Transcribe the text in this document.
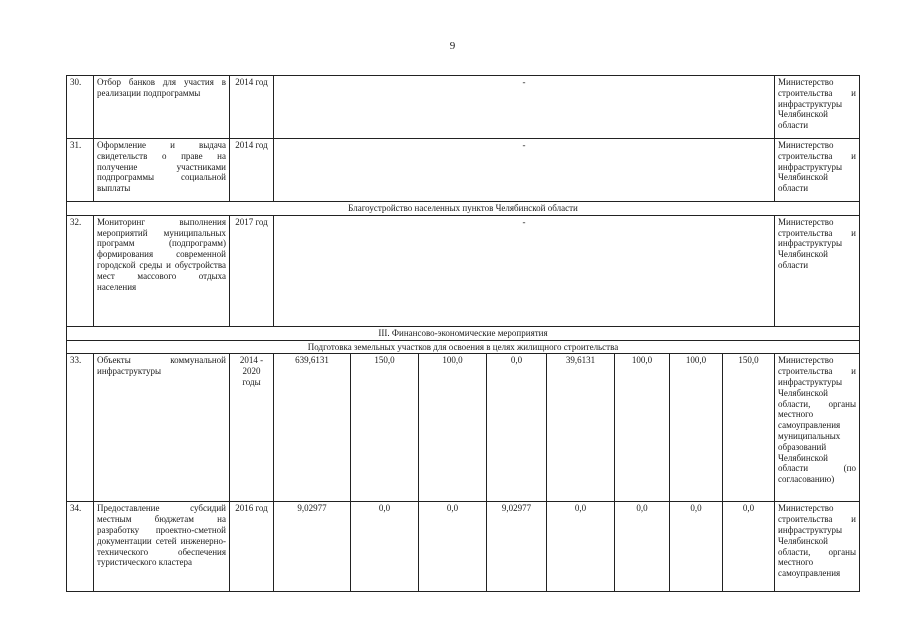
9
30.	Отбор банков для участия в реализации подпрограммы	2014 год	-								Министерство строительства и инфраструктуры Челябинской области
31.	Оформление и выдача свидетельств о праве на получение участниками подпрограммы социальной выплаты	2014 год	-								Министерство строительства и инфраструктуры Челябинской области
Благоустройство населенных пунктов Челябинской области											
32.	Мониторинг выполнения мероприятий муниципальных программ (подпрограмм) формирования современной городской среды и обустройства мест массового отдыха населения	2017 год	-								Министерство строительства и инфраструктуры Челябинской области
III. Финансово-экономические мероприятия											
Подготовка земельных участков для освоения в целях жилищного строительства											
33.	Объекты коммунальной инфраструктуры	2014 - 2020 годы	639,6131	150,0	100,0	0,0	39,6131	100,0	100,0	150,0	Министерство строительства и инфраструктуры Челябинской области, органы местного самоуправления муниципальных образований Челябинской области (по согласованию)
34.	Предоставление субсидий местным бюджетам на разработку проектно-сметной документации сетей инженерно-технического обеспечения туристического кластера	2016 год	9,02977	0,0	0,0	9,02977	0,0	0,0	0,0	0,0	Министерство строительства и инфраструктуры Челябинской области, органы местного самоуправления
